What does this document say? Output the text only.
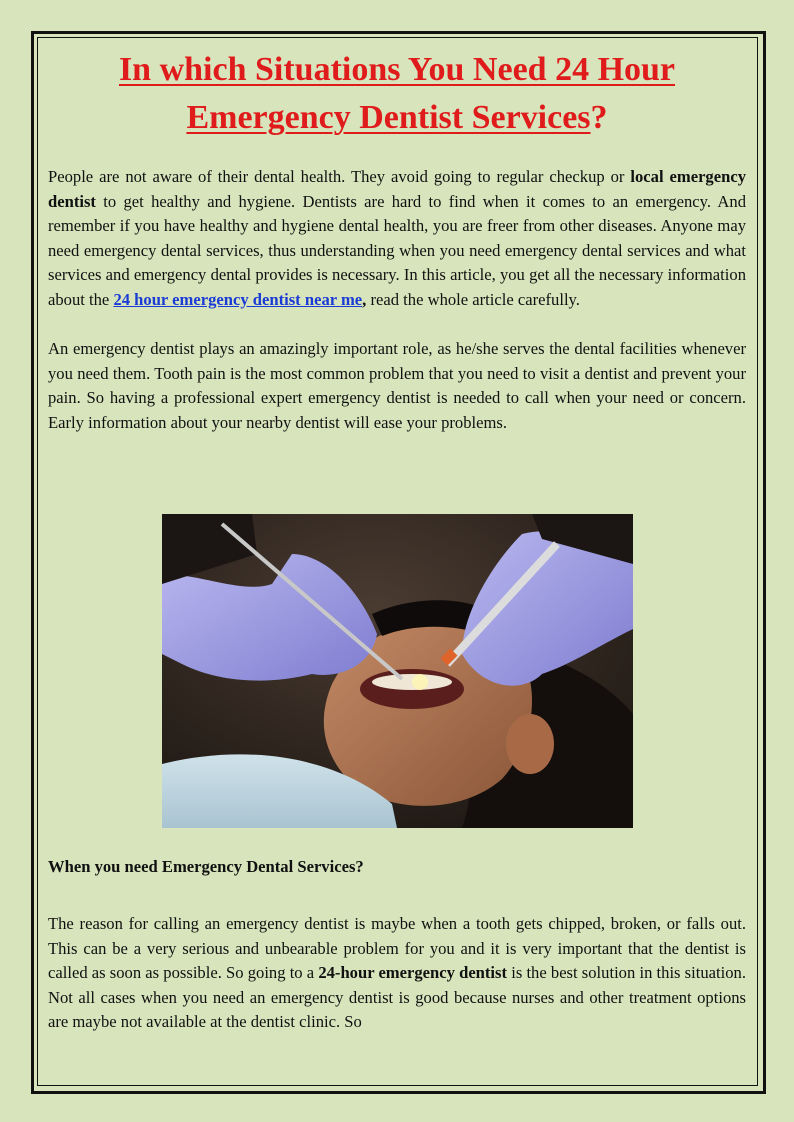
In which Situations You Need 24 Hour
Emergency Dentist Services?

People are not aware of their dental health. They avoid going to regular checkup or local emergency dentist to get healthy and hygiene. Dentists are hard to find when it comes to an emergency. And remember if you have healthy and hygiene dental health, you are freer from other diseases. Anyone may need emergency dental services, thus understanding when you need emergency dental services and what services and emergency dental provides is necessary. In this article, you get all the necessary information about the 24 hour emergency dentist near me, read the whole article carefully.

An emergency dentist plays an amazingly important role, as he/she serves the dental facilities whenever you need them. Tooth pain is the most common problem that you need to visit a dentist and prevent your pain. So having a professional expert emergency dentist is needed to call when your need or concern. Early information about your nearby dentist will ease your problems.

When you need Emergency Dental Services?

The reason for calling an emergency dentist is maybe when a tooth gets chipped, broken, or falls out. This can be a very serious and unbearable problem for you and it is very important that the dentist is called as soon as possible. So going to a 24-hour emergency dentist is the best solution in this situation. Not all cases when you need an emergency dentist is good because nurses and other treatment options are maybe not available at the dentist clinic. So
